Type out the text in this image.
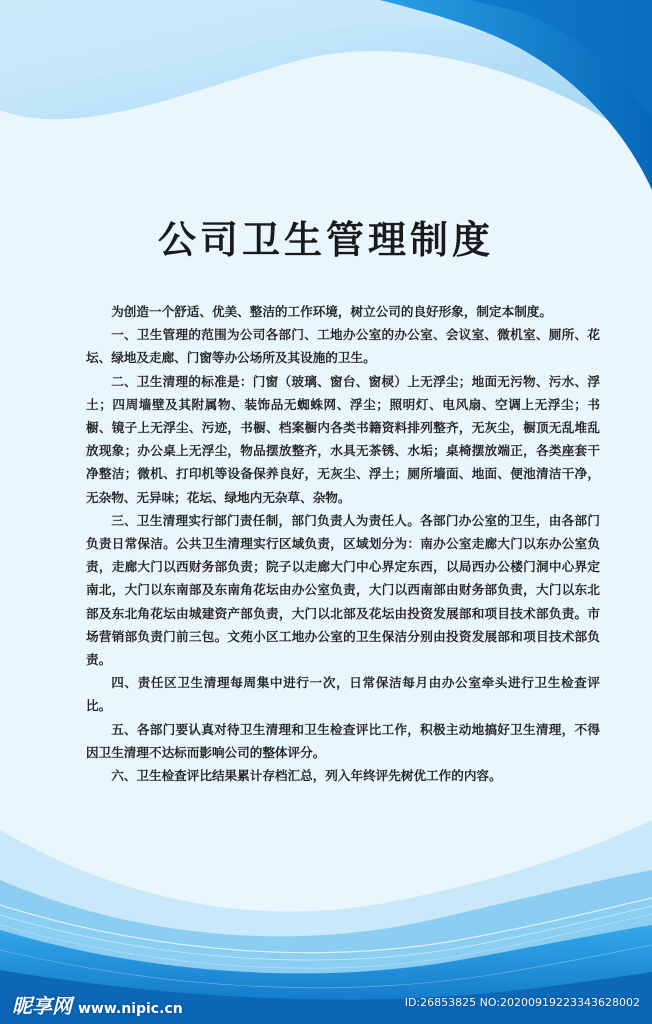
公司卫生管理制度

为创造一个舒适、优美、整洁的工作环境，树立公司的良好形象，制定本制度。

一、卫生管理的范围为公司各部门、工地办公室的办公室、会议室、微机室、厕所、花坛、绿地及走廊、门窗等办公场所及其设施的卫生。

二、卫生清理的标准是：门窗（玻璃、窗台、窗棂）上无浮尘；地面无污物、污水、浮土；四周墙壁及其附属物、装饰品无蜘蛛网、浮尘；照明灯、电风扇、空调上无浮尘；书橱、镜子上无浮尘、污迹，书橱、档案橱内各类书籍资料排列整齐，无灰尘，橱顶无乱堆乱放现象；办公桌上无浮尘，物品摆放整齐，水具无茶锈、水垢；桌椅摆放端正，各类座套干净整洁；微机、打印机等设备保养良好，无灰尘、浮土；厕所墙面、地面、便池清洁干净，无杂物、无异味；花坛、绿地内无杂草、杂物。

三、卫生清理实行部门责任制，部门负责人为责任人。各部门办公室的卫生，由各部门负责日常保洁。公共卫生清理实行区域负责，区域划分为：南办公室走廊大门以东办公室负责，走廊大门以西财务部负责；院子以走廊大门中心界定东西，以局西办公楼门洞中心界定南北，大门以东南部及东南角花坛由办公室负责，大门以西南部由财务部负责，大门以东北部及东北角花坛由城建资产部负责，大门以北部及花坛由投资发展部和项目技术部负责。市场营销部负责门前三包。文苑小区工地办公室的卫生保洁分别由投资发展部和项目技术部负责。

四、责任区卫生清理每周集中进行一次，日常保洁每月由办公室牵头进行卫生检查评比。

五、各部门要认真对待卫生清理和卫生检查评比工作，积极主动地搞好卫生清理，不得因卫生清理不达标而影响公司的整体评分。

六、卫生检查评比结果累计存档汇总，列入年终评先树优工作的内容。

昵享网 www.nipic.cn	ID:26853825 NO:20200919223343628002
